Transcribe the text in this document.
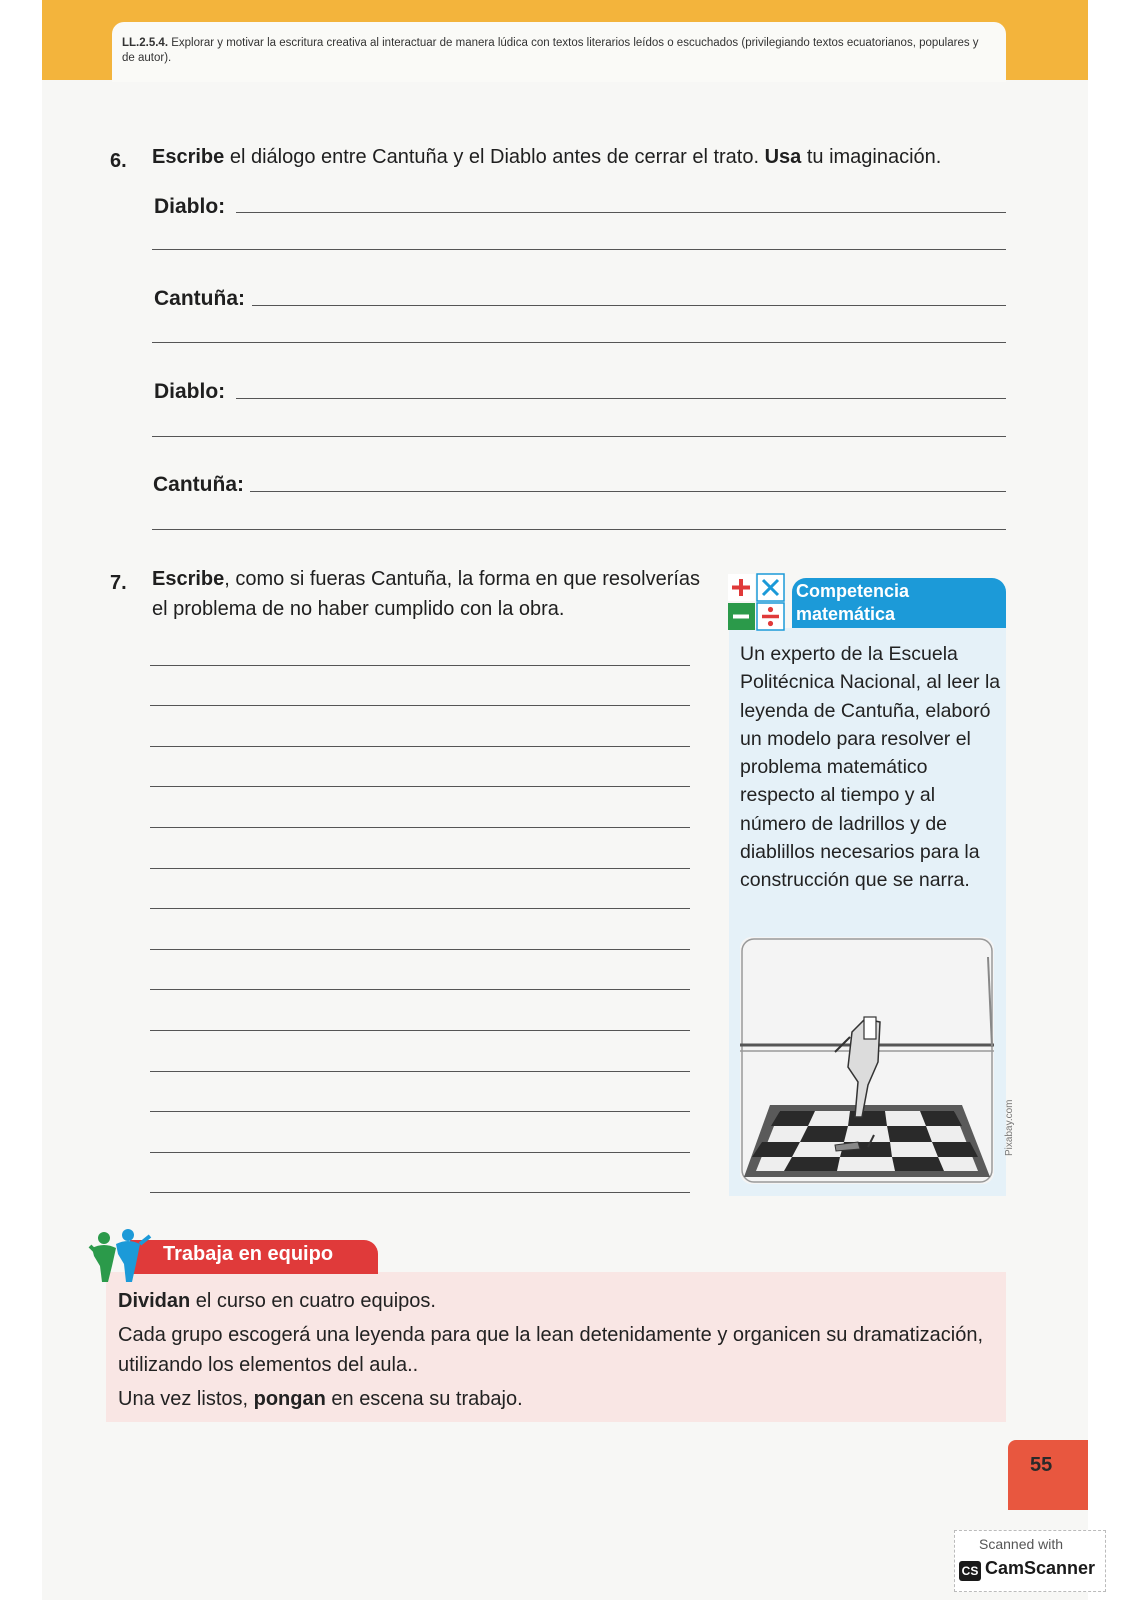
LL.2.5.4. Explorar y motivar la escritura creativa al interactuar de manera lúdica con textos literarios leídos o escuchados (privilegiando textos ecuatorianos, populares y de autor).
6. Escribe el diálogo entre Cantuña y el Diablo antes de cerrar el trato. Usa tu imaginación.
Diablo:
Cantuña:
Diablo:
Cantuña:
7. Escribe, como si fueras Cantuña, la forma en que resolverías el problema de no haber cumplido con la obra.
Competencia
matemática
Un experto de la Escuela Politécnica Nacional, al leer la leyenda de Cantuña, elaboró un modelo para resolver el problema matemático respecto al tiempo y al número de ladrillos y de diablillos necesarios para la construcción que se narra.
Pixabay.com
Trabaja en equipo
Dividan el curso en cuatro equipos.
Cada grupo escogerá una leyenda para que la lean detenidamente y organicen su dramatización, utilizando los elementos del aula..
Una vez listos, pongan en escena su trabajo.
55
Scanned with
CS CamScanner
